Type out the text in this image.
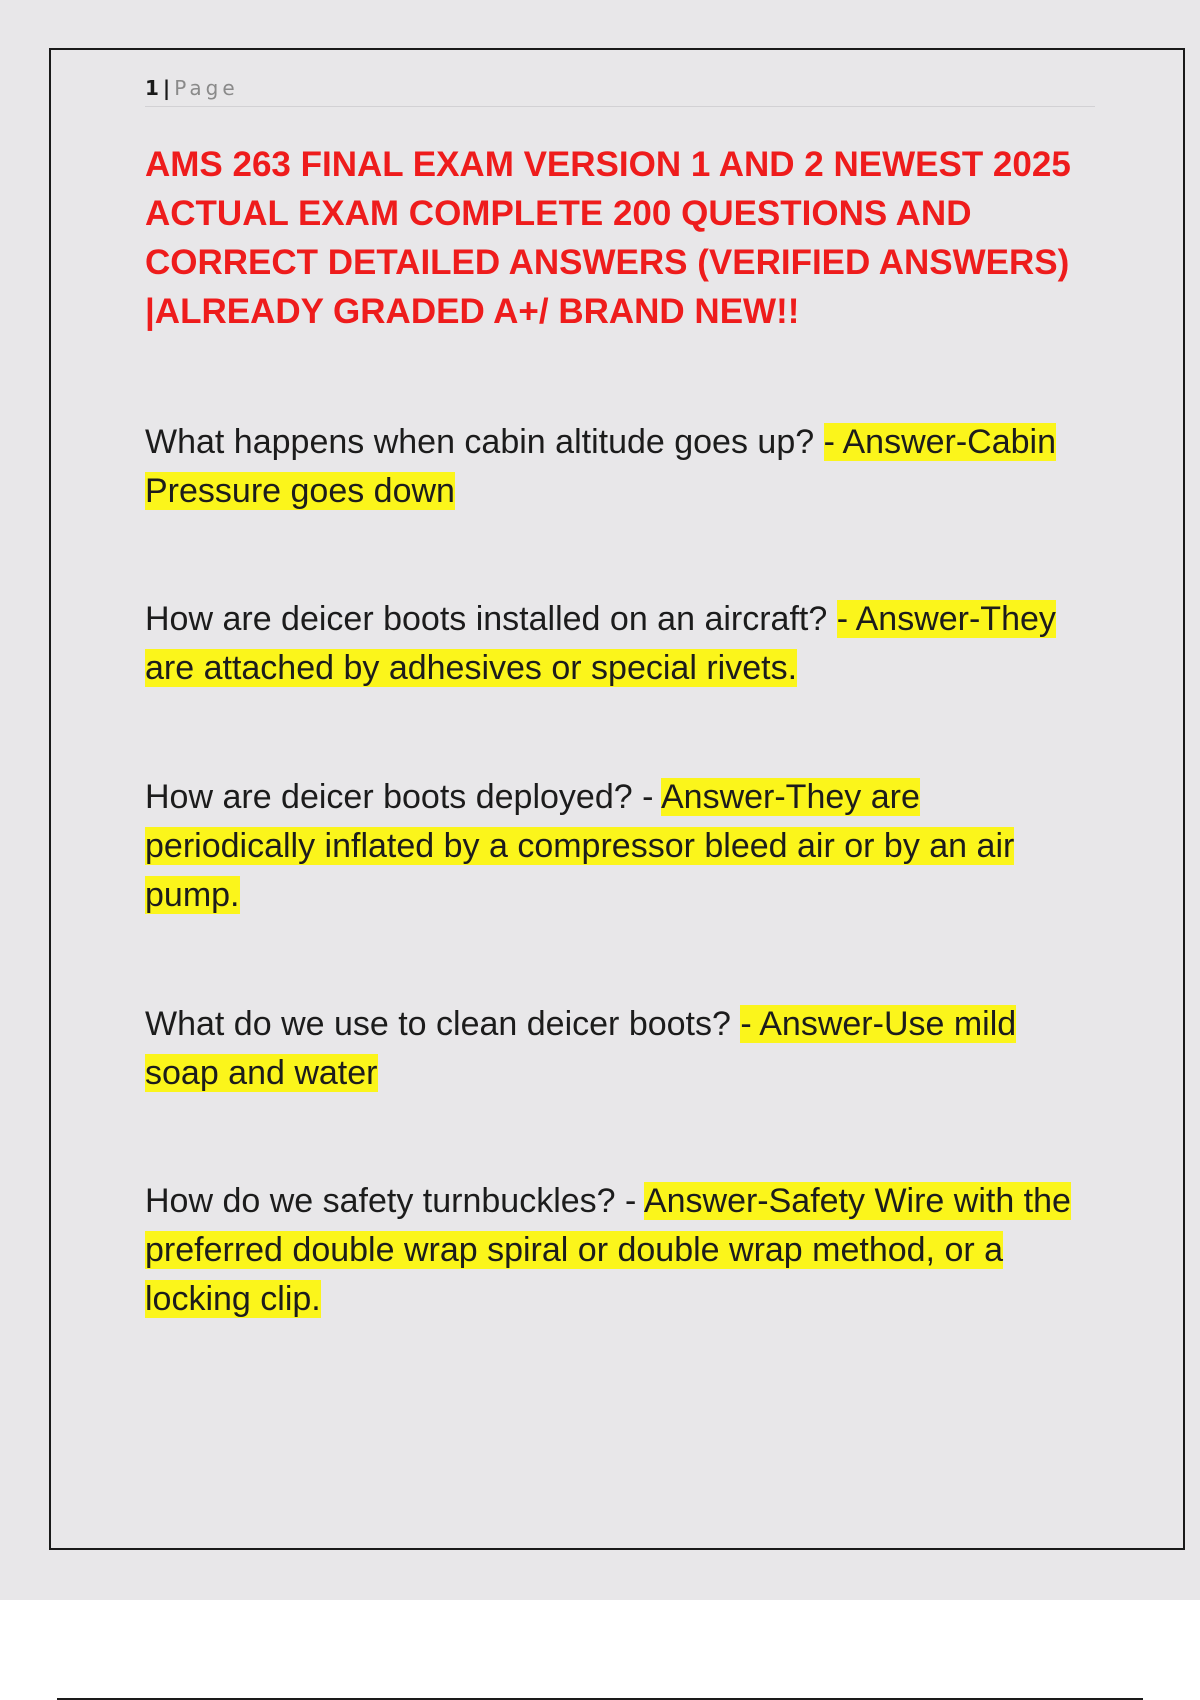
1 | Page
AMS 263 FINAL EXAM VERSION 1 AND 2 NEWEST 2025 ACTUAL EXAM COMPLETE 200 QUESTIONS AND CORRECT DETAILED ANSWERS (VERIFIED ANSWERS) |ALREADY GRADED A+/ BRAND NEW!!

What happens when cabin altitude goes up? - Answer-Cabin Pressure goes down

How are deicer boots installed on an aircraft? - Answer-They are attached by adhesives or special rivets.

How are deicer boots deployed? - Answer-They are periodically inflated by a compressor bleed air or by an air pump.

What do we use to clean deicer boots? - Answer-Use mild soap and water

How do we safety turnbuckles? - Answer-Safety Wire with the preferred double wrap spiral or double wrap method, or a locking clip.
